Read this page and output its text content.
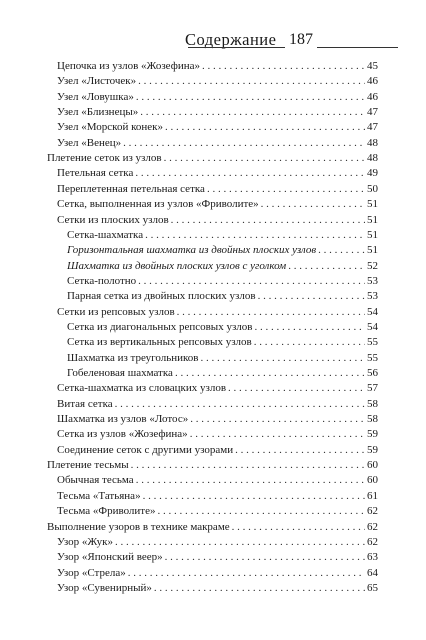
Содержание 187
Цепочка из узлов «Жозефина» . . .	45
Узел «Листочек» . . .	46
Узел «Ловушка» . . .	46
Узел «Близнецы» . . .	47
Узел «Морской конек» . . .	47
Узел «Венец» . . .	48
Плетение сеток из узлов . . .	48
Петельная сетка . . .	49
Переплетенная петельная сетка . . .	50
Сетка, выполненная из узлов «Фриволите» . . .	51
Сетки из плоских узлов . . .	51
Сетка-шахматка . . .	51
Горизонтальная шахматка из двойных плоских узлов . . .	51
Шахматка из двойных плоских узлов с уголком . . .	52
Сетка-полотно . . .	53
Парная сетка из двойных плоских узлов . . .	53
Сетки из репсовых узлов . . .	54
Сетка из диагональных репсовых узлов . . .	54
Сетка из вертикальных репсовых узлов . . .	55
Шахматка из треугольников . . .	55
Гобеленовая шахматка . . .	56
Сетка-шахматка из словацких узлов . . .	57
Витая сетка . . .	58
Шахматка из узлов «Лотос» . . .	58
Сетка из узлов «Жозефина» . . .	59
Соединение сеток с другими узорами . . .	59
Плетение тесьмы . . .	60
Обычная тесьма . . .	60
Тесьма «Татьяна» . . .	61
Тесьма «Фриволите» . . .	62
Выполнение узоров в технике макраме . . .	62
Узор «Жук» . . .	62
Узор «Японский веер» . . .	63
Узор «Стрела» . . .	64
Узор «Сувенирный» . . .	65
